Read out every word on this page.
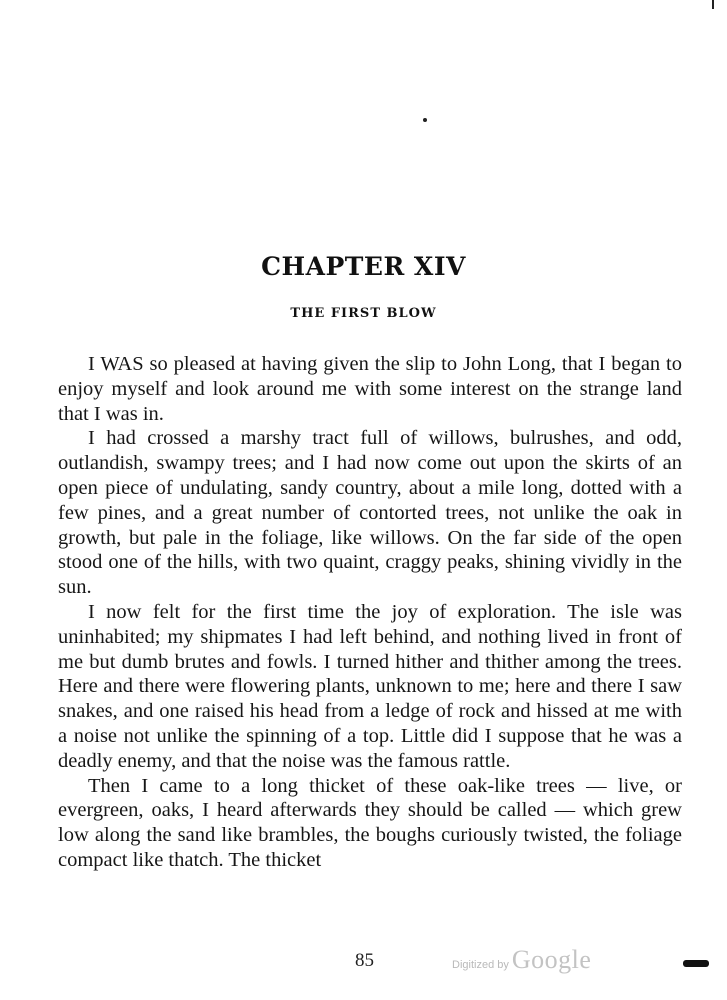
CHAPTER XIV
THE FIRST BLOW

I WAS so pleased at having given the slip to John Long, that I began to enjoy myself and look around me with some interest on the strange land that I was in.

I had crossed a marshy tract full of willows, bulrushes, and odd, outlandish, swampy trees; and I had now come out upon the skirts of an open piece of undulating, sandy country, about a mile long, dotted with a few pines, and a great number of contorted trees, not unlike the oak in growth, but pale in the foliage, like willows. On the far side of the open stood one of the hills, with two quaint, craggy peaks, shining vividly in the sun.

I now felt for the first time the joy of exploration. The isle was uninhabited; my shipmates I had left behind, and nothing lived in front of me but dumb brutes and fowls. I turned hither and thither among the trees. Here and there were flowering plants, unknown to me; here and there I saw snakes, and one raised his head from a ledge of rock and hissed at me with a noise not unlike the spinning of a top. Little did I suppose that he was a deadly enemy, and that the noise was the famous rattle.

Then I came to a long thicket of these oak-like trees — live, or evergreen, oaks, I heard afterwards they should be called — which grew low along the sand like brambles, the boughs curiously twisted, the foliage compact like thatch. The thicket

85	Digitized by Google
